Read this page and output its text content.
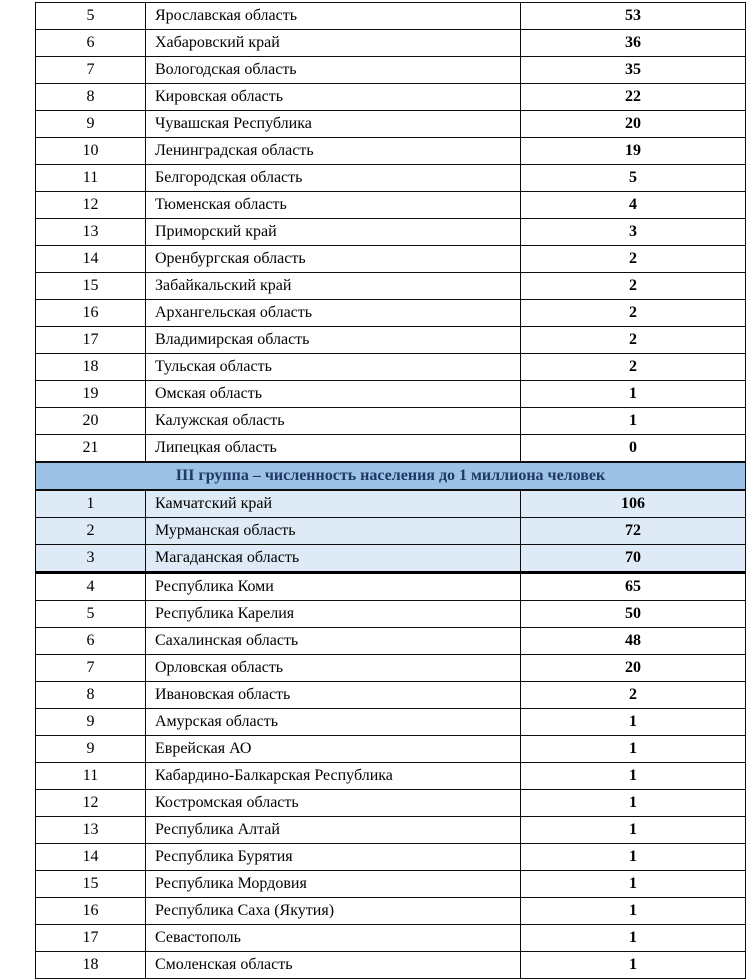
5	Ярославская область	53
6	Хабаровский край	36
7	Вологодская область	35
8	Кировская область	22
9	Чувашская Республика	20
10	Ленинградская область	19
11	Белгородская область	5
12	Тюменская область	4
13	Приморский край	3
14	Оренбургская область	2
15	Забайкальский край	2
16	Архангельская область	2
17	Владимирская область	2
18	Тульская область	2
19	Омская область	1
20	Калужская область	1
21	Липецкая область	0
III группа – численность населения до 1 миллиона человек		
1	Камчатский край	106
2	Мурманская область	72
3	Магаданская область	70
4	Республика Коми	65
5	Республика Карелия	50
6	Сахалинская область	48
7	Орловская область	20
8	Ивановская область	2
9	Амурская область	1
9	Еврейская АО	1
11	Кабардино-Балкарская Республика	1
12	Костромская область	1
13	Республика Алтай	1
14	Республика Бурятия	1
15	Республика Мордовия	1
16	Республика Саха (Якутия)	1
17	Севастополь	1
18	Смоленская область	1
